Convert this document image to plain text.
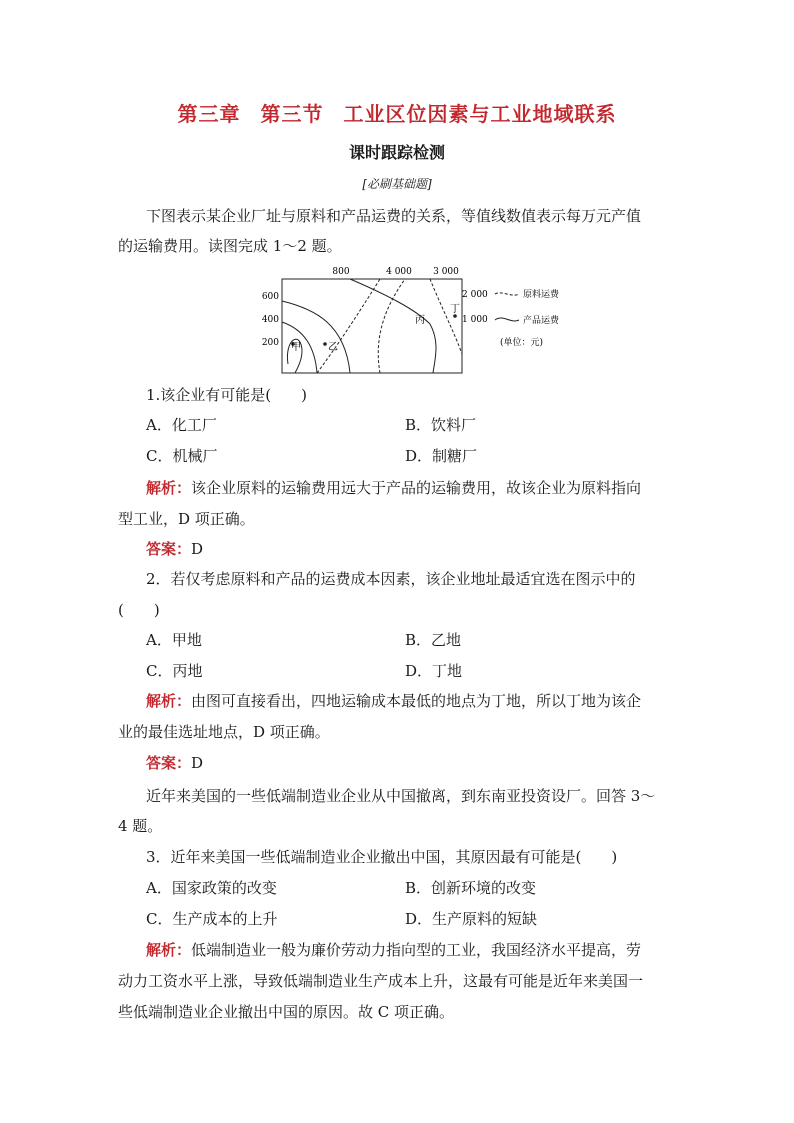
第三章 第三节 工业区位因素与工业地域联系
课时跟踪检测
[必刷基础题]
下图表示某企业厂址与原料和产品运费的关系，等值线数值表示每万元产值
的运输费用。读图完成 1～2 题。
800	4 000 3 000
600
400
200 甲	乙
丙
丁
2 000
1 000
原料运费
产品运费
(单位：元)
1.该企业有可能是(　　)
A．化工厂	B．饮料厂
C．机械厂	D．制糖厂
解析：该企业原料的运输费用远大于产品的运输费用，故该企业为原料指向
型工业，D 项正确。
答案：D
2．若仅考虑原料和产品的运费成本因素，该企业地址最适宜选在图示中的
(　　)
A．甲地	B．乙地
C．丙地	D．丁地
解析：由图可直接看出，四地运输成本最低的地点为丁地，所以丁地为该企
业的最佳选址地点，D 项正确。
答案：D
近年来美国的一些低端制造业企业从中国撤离，到东南亚投资设厂。回答 3～
4 题。
3．近年来美国一些低端制造业企业撤出中国，其原因最有可能是(　　)
A．国家政策的改变	B．创新环境的改变
C．生产成本的上升	D．生产原料的短缺
解析：低端制造业一般为廉价劳动力指向型的工业，我国经济水平提高，劳
动力工资水平上涨，导致低端制造业生产成本上升，这最有可能是近年来美国一
些低端制造业企业撤出中国的原因。故 C 项正确。
